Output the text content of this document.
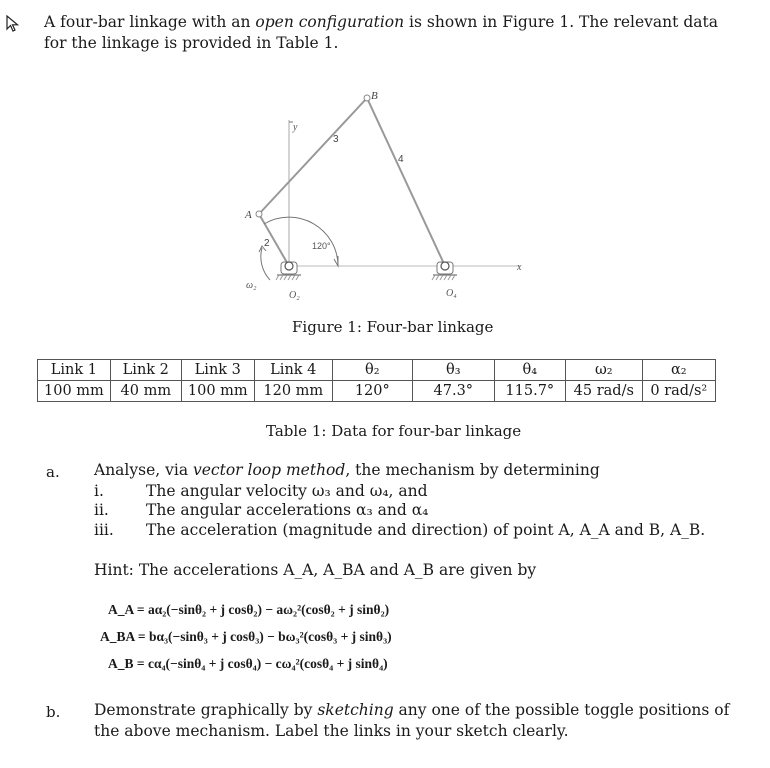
A four-bar linkage with an open configuration is shown in Figure 1. The relevant data for the linkage is provided in Table 1.
A
B
y
x
3
4
2	120°
ω₂
O₂	O₄
Figure 1: Four-bar linkage
Link 1	Link 2	Link 3	Link 4	θ₂	θ₃	θ₄	ω₂	α₂
100 mm	40 mm	100 mm	120 mm	120°	47.3°	115.7°	45 rad/s	0 rad/s²
Table 1: Data for four-bar linkage
a. Analyse, via vector loop method, the mechanism by determining
i.	The angular velocity ω₃ and ω₄, and
ii. The angular accelerations α₃ and α₄
iii. The acceleration (magnitude and direction) of point A, A_A and B, A_B.
Hint: The accelerations A_A, A_BA and A_B are given by
A_A = aα₂(−sinθ₂ + j cosθ₂) − aω₂²(cosθ₂ + j sinθ₂)
A_BA = bα₃(−sinθ₃ + j cosθ₃) − bω₃²(cosθ₃ + j sinθ₃)
A_B = cα₄(−sinθ₄ + j cosθ₄) − cω₄²(cosθ₄ + j sinθ₄)
b. Demonstrate graphically by sketching any one of the possible toggle positions of the above mechanism. Label the links in your sketch clearly.
